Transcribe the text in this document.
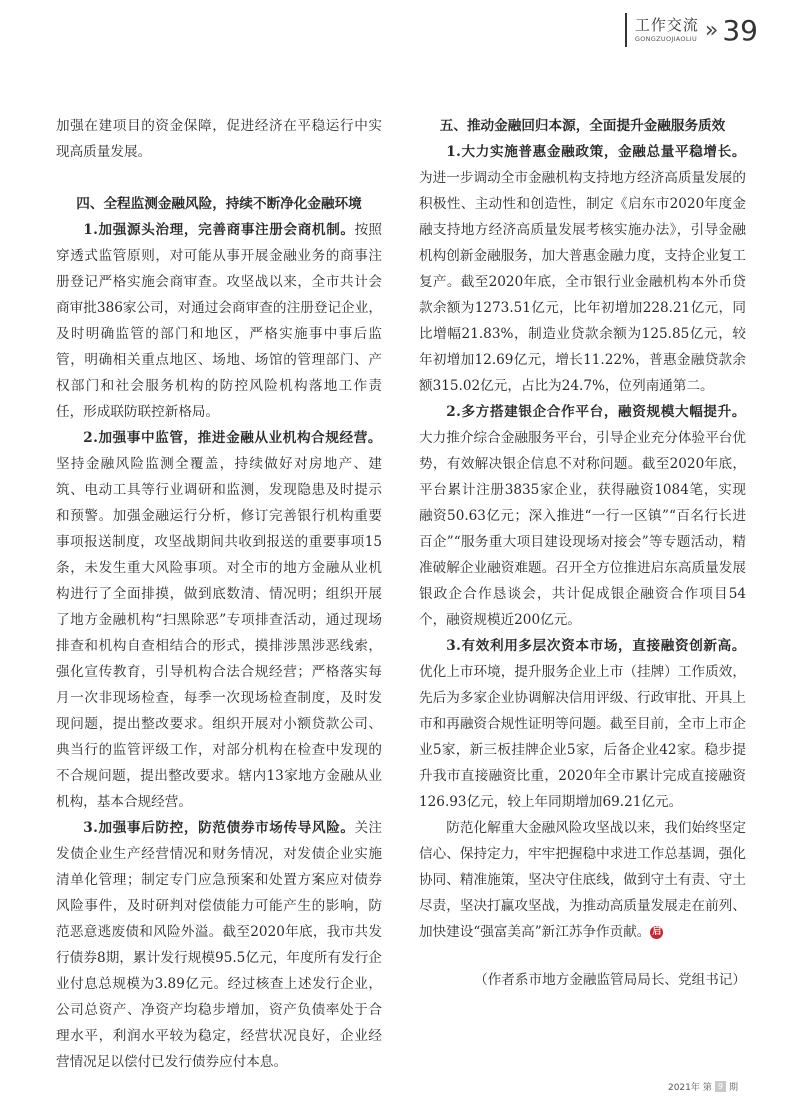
工作交流
GONGZUOJIAOLIU » 39

加强在建项目的资金保障，促进经济在平稳运行中实现高质量发展。

四、全程监测金融风险，持续不断净化金融环境

1.加强源头治理，完善商事注册会商机制。按照穿透式监管原则，对可能从事开展金融业务的商事注册登记严格实施会商审查。攻坚战以来，全市共计会商审批386家公司，对通过会商审查的注册登记企业，及时明确监管的部门和地区，严格实施事中事后监管，明确相关重点地区、场地、场馆的管理部门、产权部门和社会服务机构的防控风险机构落地工作责任，形成联防联控新格局。

2.加强事中监管，推进金融从业机构合规经营。坚持金融风险监测全覆盖，持续做好对房地产、建筑、电动工具等行业调研和监测，发现隐患及时提示和预警。加强金融运行分析，修订完善银行机构重要事项报送制度，攻坚战期间共收到报送的重要事项15条，未发生重大风险事项。对全市的地方金融从业机构进行了全面排摸，做到底数清、情况明；组织开展了地方金融机构“扫黑除恶”专项排查活动，通过现场排查和机构自查相结合的形式，摸排涉黑涉恶线索，强化宣传教育，引导机构合法合规经营；严格落实每月一次非现场检查，每季一次现场检查制度，及时发现问题，提出整改要求。组织开展对小额贷款公司、典当行的监管评级工作，对部分机构在检查中发现的不合规问题，提出整改要求。辖内13家地方金融从业机构，基本合规经营。

3.加强事后防控，防范债券市场传导风险。关注发债企业生产经营情况和财务情况，对发债企业实施清单化管理；制定专门应急预案和处置方案应对债券风险事件，及时研判对偿债能力可能产生的影响，防范恶意逃废债和风险外溢。截至2020年底，我市共发行债券8期，累计发行规模95.5亿元，年度所有发行企业付息总规模为3.89亿元。经过核查上述发行企业，公司总资产、净资产均稳步增加，资产负债率处于合理水平，利润水平较为稳定，经营状况良好，企业经营情况足以偿付已发行债券应付本息。

五、推动金融回归本源，全面提升金融服务质效

1.大力实施普惠金融政策，金融总量平稳增长。为进一步调动全市金融机构支持地方经济高质量发展的积极性、主动性和创造性，制定《启东市2020年度金融支持地方经济高质量发展考核实施办法》，引导金融机构创新金融服务，加大普惠金融力度，支持企业复工复产。截至2020年底，全市银行业金融机构本外币贷款余额为1273.51亿元，比年初增加228.21亿元，同比增幅21.83%，制造业贷款余额为125.85亿元，较年初增加12.69亿元，增长11.22%，普惠金融贷款余额315.02亿元，占比为24.7%，位列南通第二。

2.多方搭建银企合作平台，融资规模大幅提升。大力推介综合金融服务平台，引导企业充分体验平台优势，有效解决银企信息不对称问题。截至2020年底，平台累计注册3835家企业，获得融资1084笔，实现融资50.63亿元；深入推进“一行一区镇”“百名行长进百企”“服务重大项目建设现场对接会”等专题活动，精准破解企业融资难题。召开全方位推进启东高质量发展银政企合作恳谈会，共计促成银企融资合作项目54个，融资规模近200亿元。

3.有效利用多层次资本市场，直接融资创新高。优化上市环境，提升服务企业上市（挂牌）工作质效，先后为多家企业协调解决信用评级、行政审批、开具上市和再融资合规性证明等问题。截至目前，全市上市企业5家，新三板挂牌企业5家，后备企业42家。稳步提升我市直接融资比重，2020年全市累计完成直接融资126.93亿元，较上年同期增加69.21亿元。

防范化解重大金融风险攻坚战以来，我们始终坚定信心、保持定力，牢牢把握稳中求进工作总基调，强化协同、精准施策，坚决守住底线，做到守土有责、守土尽责，坚决打赢攻坚战，为推动高质量发展走在前列、加快建设“强富美高”新江苏争作贡献。 启

（作者系市地方金融监管局局长、党组书记）

2021年 第 9 期
